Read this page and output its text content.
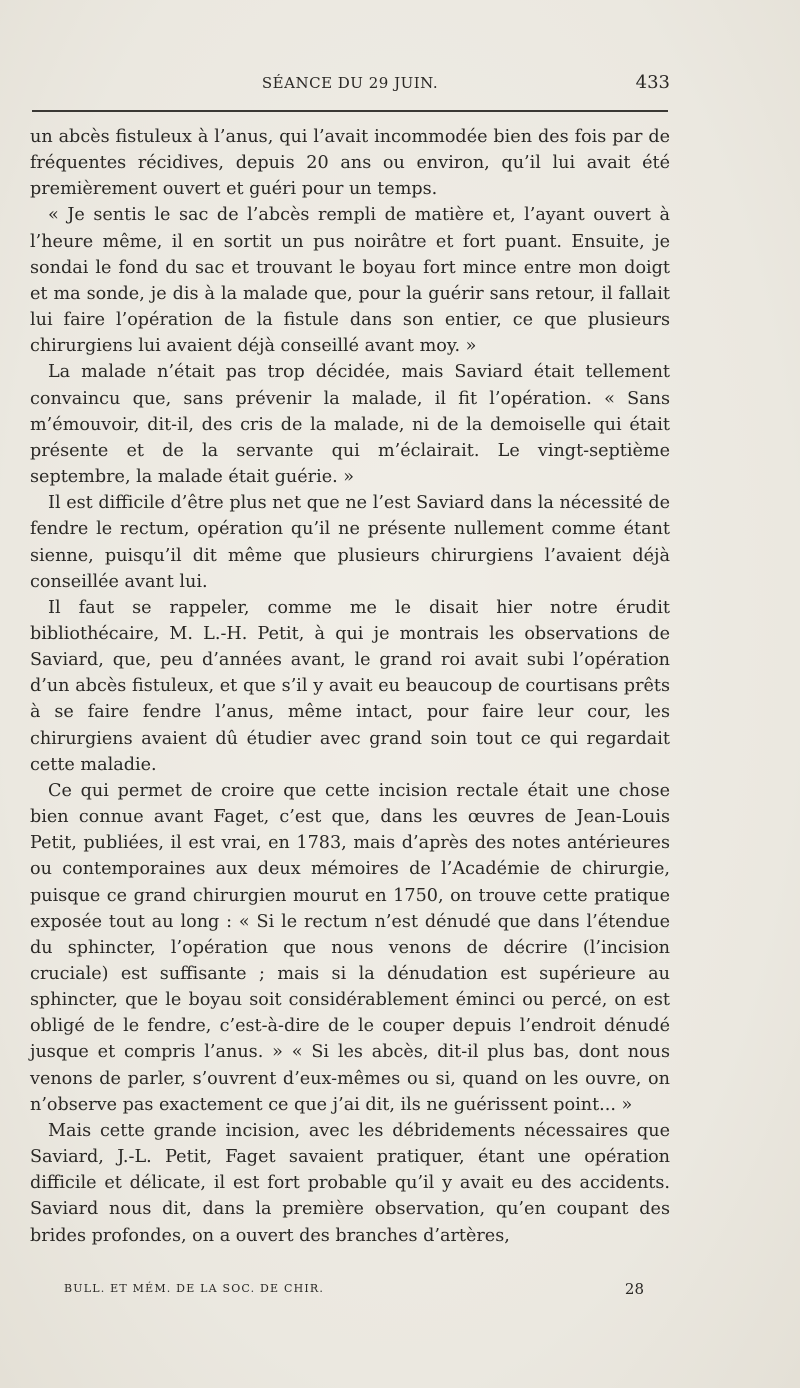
SÉANCE DU 29 JUIN.	433

un abcès fistuleux à l’anus, qui l’avait incommodée bien des fois par de fréquentes récidives, depuis 20 ans ou environ, qu’il lui avait été premièrement ouvert et guéri pour un temps.

« Je sentis le sac de l’abcès rempli de matière et, l’ayant ouvert à l’heure même, il en sortit un pus noirâtre et fort puant. Ensuite, je sondai le fond du sac et trouvant le boyau fort mince entre mon doigt et ma sonde, je dis à la malade que, pour la guérir sans retour, il fallait lui faire l’opération de la fistule dans son entier, ce que plusieurs chirurgiens lui avaient déjà conseillé avant moy. »

La malade n’était pas trop décidée, mais Saviard était tellement convaincu que, sans prévenir la malade, il fit l’opération. « Sans m’émouvoir, dit-il, des cris de la malade, ni de la demoiselle qui était présente et de la servante qui m’éclairait. Le vingt-septième septembre, la malade était guérie. »

Il est difficile d’être plus net que ne l’est Saviard dans la nécessité de fendre le rectum, opération qu’il ne présente nullement comme étant sienne, puisqu’il dit même que plusieurs chirurgiens l’avaient déjà conseillée avant lui.

Il faut se rappeler, comme me le disait hier notre érudit bibliothécaire, M. L.-H. Petit, à qui je montrais les observations de Saviard, que, peu d’années avant, le grand roi avait subi l’opération d’un abcès fistuleux, et que s’il y avait eu beaucoup de courtisans prêts à se faire fendre l’anus, même intact, pour faire leur cour, les chirurgiens avaient dû étudier avec grand soin tout ce qui regardait cette maladie.

Ce qui permet de croire que cette incision rectale était une chose bien connue avant Faget, c’est que, dans les œuvres de Jean-Louis Petit, publiées, il est vrai, en 1783, mais d’après des notes antérieures ou contemporaines aux deux mémoires de l’Académie de chirurgie, puisque ce grand chirurgien mourut en 1750, on trouve cette pratique exposée tout au long : « Si le rectum n’est dénudé que dans l’étendue du sphincter, l’opération que nous venons de décrire (l’incision cruciale) est suffisante ; mais si la dénudation est supérieure au sphincter, que le boyau soit considérablement éminci ou percé, on est obligé de le fendre, c’est-à-dire de le couper depuis l’endroit dénudé jusque et compris l’anus. » « Si les abcès, dit-il plus bas, dont nous venons de parler, s’ouvrent d’eux-mêmes ou si, quand on les ouvre, on n’observe pas exactement ce que j’ai dit, ils ne guérissent point... »

Mais cette grande incision, avec les débridements nécessaires que Saviard, J.-L. Petit, Faget savaient pratiquer, étant une opération difficile et délicate, il est fort probable qu’il y avait eu des accidents. Saviard nous dit, dans la première observation, qu’en coupant des brides profondes, on a ouvert des branches d’artères,

BULL. ET MÉM. DE LA SOC. DE CHIR.	28
